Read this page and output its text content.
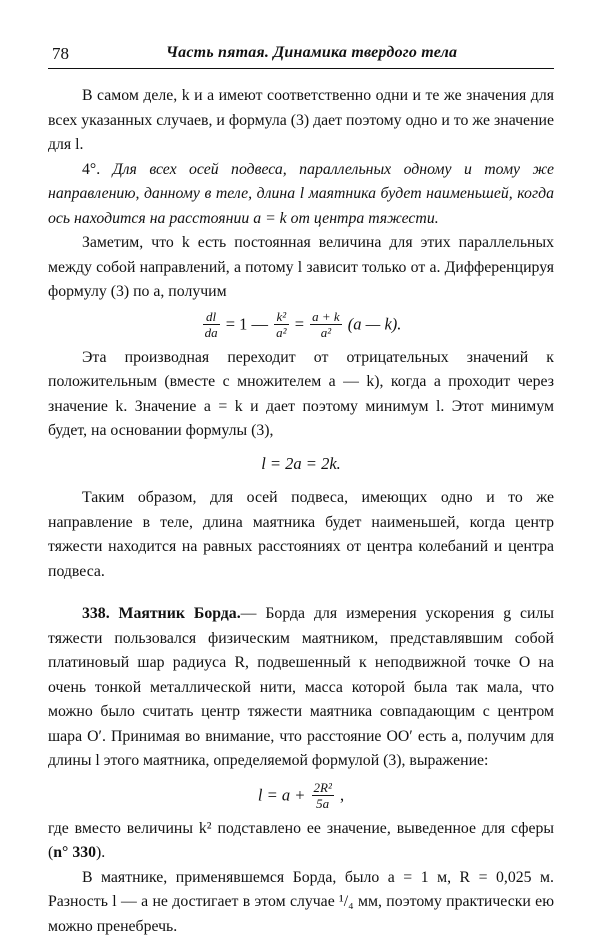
78	Часть пятая. Динамика твердого тела

В самом деле, k и a имеют соответственно одни и те же значения для всех указанных случаев, и формула (3) дает поэтому одно и то же значение для l.

4°. Для всех осей подвеса, параллельных одному и тому же направлению, данному в теле, длина l маятника будет наименьшей, когда ось находится на расстоянии a = k от центра тяжести.

Заметим, что k есть постоянная величина для этих параллельных между собой направлений, а потому l зависит только от a. Дифференцируя формулу (3) по a, получим

$\frac{dl}{da} = 1$ — $\frac{\text{k²}}{\text{a²}} = \frac{a + k}{\text{a²}} (a$ — k).

Эта производная переходит от отрицательных значений к положительным (вместе с множителем a — k), когда a проходит через значение k. Значение a = k и дает поэтому минимум l. Этот минимум будет, на основании формулы (3),

l = 2a = 2k.

Таким образом, для осей подвеса, имеющих одно и то же направление в теле, длина маятника будет наименьшей, когда центр тяжести находится на равных расстояниях от центра колебаний и центра подвеса.

338. Маятник Борда.— Борда для измерения ускорения g силы тяжести пользовался физическим маятником, представлявшим собой платиновый шар радиуса R, подвешенный к неподвижной точке O на очень тонкой металлической нити, масса которой была так мала, что можно было считать центр тяжести маятника совпадающим с центром шара O′. Принимая во внимание, что расстояние OO′ есть a, получим для длины l этого маятника, определяемой формулой (3), выражение:

$l = a + \frac{\text{2R²}}{5a}$ ,

где вместо величины k² подставлено ее значение, выведенное для сферы (n° 330).

В маятнике, применявшемся Борда, было a = 1 м, R = 0,025 м. Разность l — a не достигает в этом случае ¹/₄ мм, поэтому практически ею можно пренебречь.
